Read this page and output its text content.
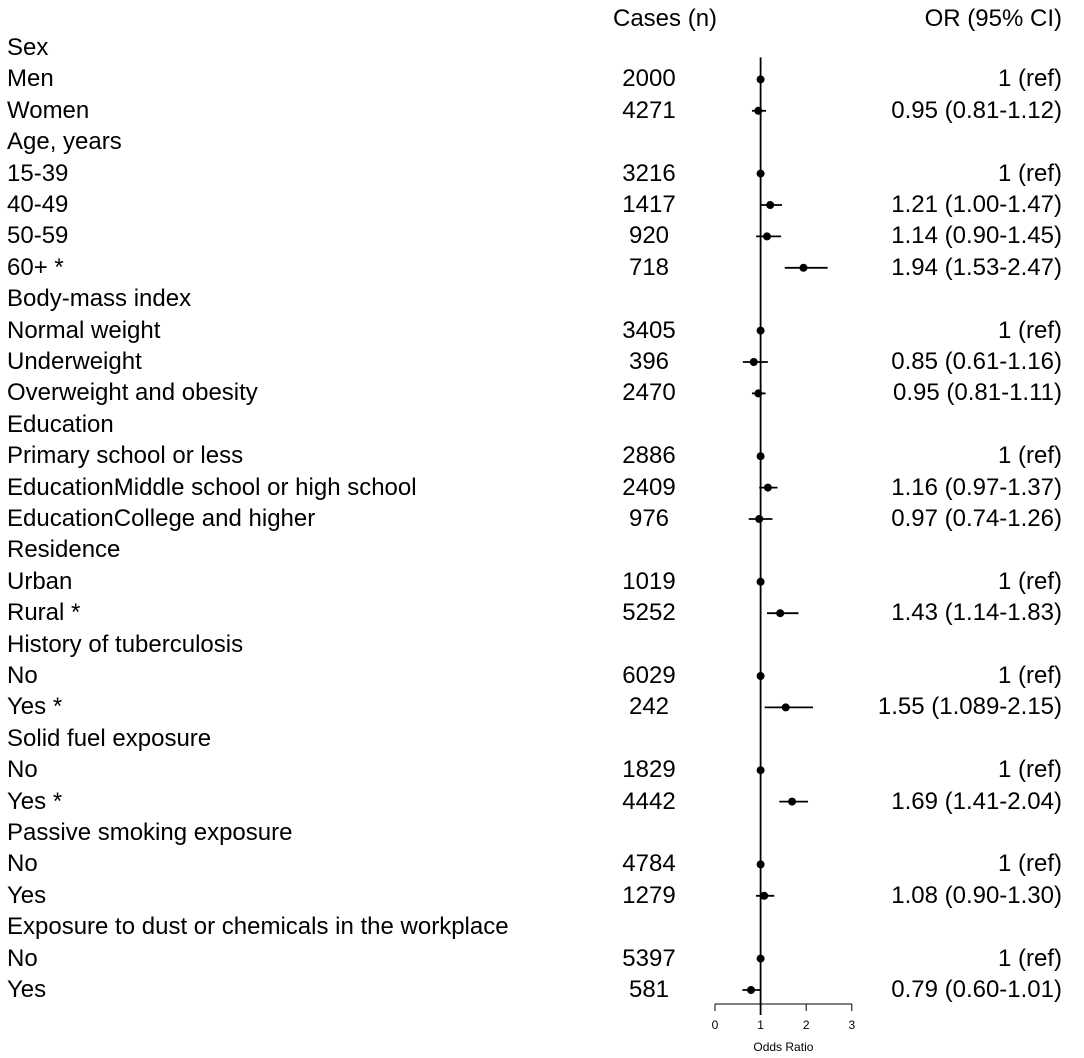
Cases (n)	OR (95% CI)
Sex
Men	2000	1 (ref)
Women	4271	0.95 (0.81-1.12)
Age, years
15-39	3216	1 (ref)
40-49	1417	1.21 (1.00-1.47)
50-59	920	1.14 (0.90-1.45)
60+ *	718	1.94 (1.53-2.47)
Body-mass index
Normal weight	3405	1 (ref)
Underweight	396	0.85 (0.61-1.16)
Overweight and obesity	2470	0.95 (0.81-1.11)
Education
Primary school or less	2886	1 (ref)
EducationMiddle school or high school	2409	1.16 (0.97-1.37)
EducationCollege and higher	976	0.97 (0.74-1.26)
Residence
Urban	1019	1 (ref)
Rural *	5252	1.43 (1.14-1.83)
History of tuberculosis
No	6029	1 (ref)
Yes *	242	1.55 (1.089-2.15)
Solid fuel exposure
No	1829	1 (ref)
Yes *	4442	1.69 (1.41-2.04)
Passive smoking exposure
No	4784	1 (ref)
Yes	1279	1.08 (0.90-1.30)
Exposure to dust or chemicals in the workplace
No	5397	1 (ref)
Yes	581	0.79 (0.60-1.01)
0	1	2	3
Odds Ratio
